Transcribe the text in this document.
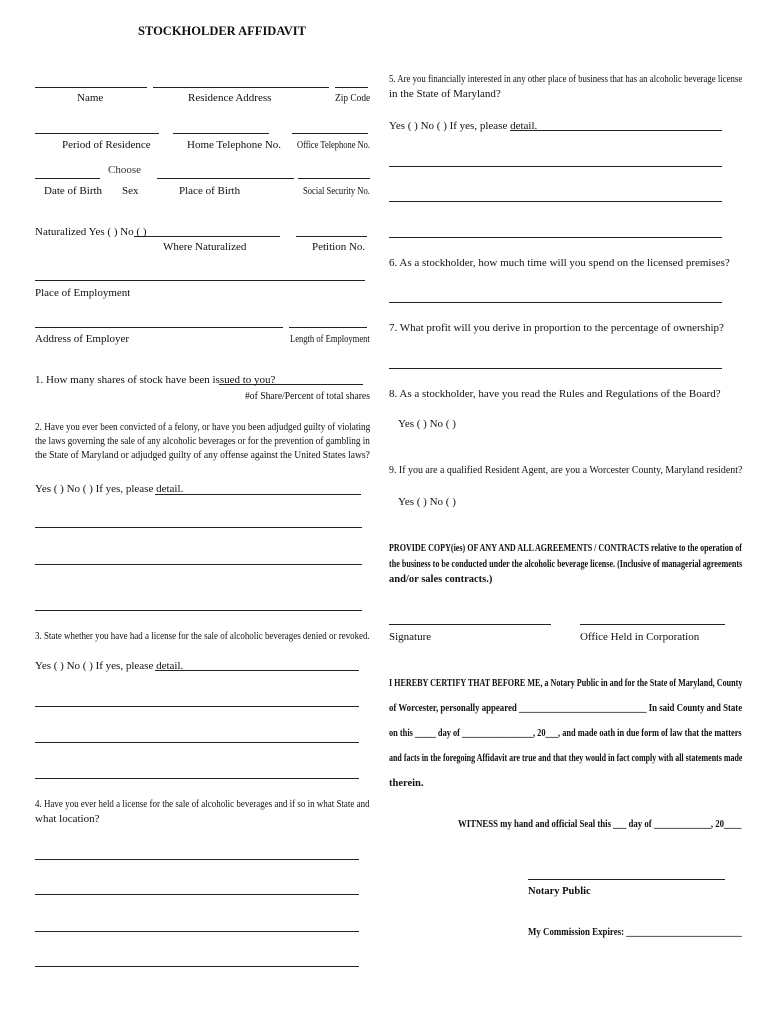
STOCKHOLDER AFFIDAVIT
Name	Residence Address	Zip Code
Period of Residence	Home Telephone No. Office Telephone No.
Choose
Date of Birth Sex	Place of Birth	Social Security No.
Naturalized Yes ( ) No ( )
Where Naturalized	Petition No.
Place of Employment
Address of Employer	Length of Employment
1. How many shares of stock have been issued to you?
#of Share/Percent of total shares
2. Have you ever been convicted of a felony, or have you been adjudged guilty of violating
the laws governing the sale of any alcoholic beverages or for the prevention of gambling in
the State of Maryland or adjudged guilty of any offense against the United States laws?
Yes ( ) No ( ) If yes, please detail.
3. State whether you have had a license for the sale of alcoholic beverages denied or revoked.
Yes ( ) No ( ) If yes, please detail.
4. Have you ever held a license for the sale of alcoholic beverages and if so in what State and
what location?
5. Are you financially interested in any other place of business that has an alcoholic beverage license
in the State of Maryland?
Yes ( ) No ( ) If yes, please detail.
6. As a stockholder, how much time will you spend on the licensed premises?
7. What profit will you derive in proportion to the percentage of ownership?
8. As a stockholder, have you read the Rules and Regulations of the Board?
Yes ( ) No ( )
9. If you are a qualified Resident Agent, are you a Worcester County, Maryland resident?
Yes ( ) No ( )
PROVIDE COPY(ies) OF ANY AND ALL AGREEMENTS / CONTRACTS relative to the operation of
the business to be conducted under the alcoholic beverage license. (Inclusive of managerial agreements
and/or sales contracts.)
Signature	Office Held in Corporation
I HEREBY CERTIFY THAT BEFORE ME, a Notary Public in and for the State of Maryland, County
of Worcester, personally appeared _____________________________ In said County and State
on this _____ day of _________________, 20___, and made oath in due form of law that the matters
and facts in the foregoing Affidavit are true and that they would in fact comply with all statements made
therein.
WITNESS my hand and official Seal this ___ day of _____________, 20____
Notary Public
My Commission Expires: __________________________
